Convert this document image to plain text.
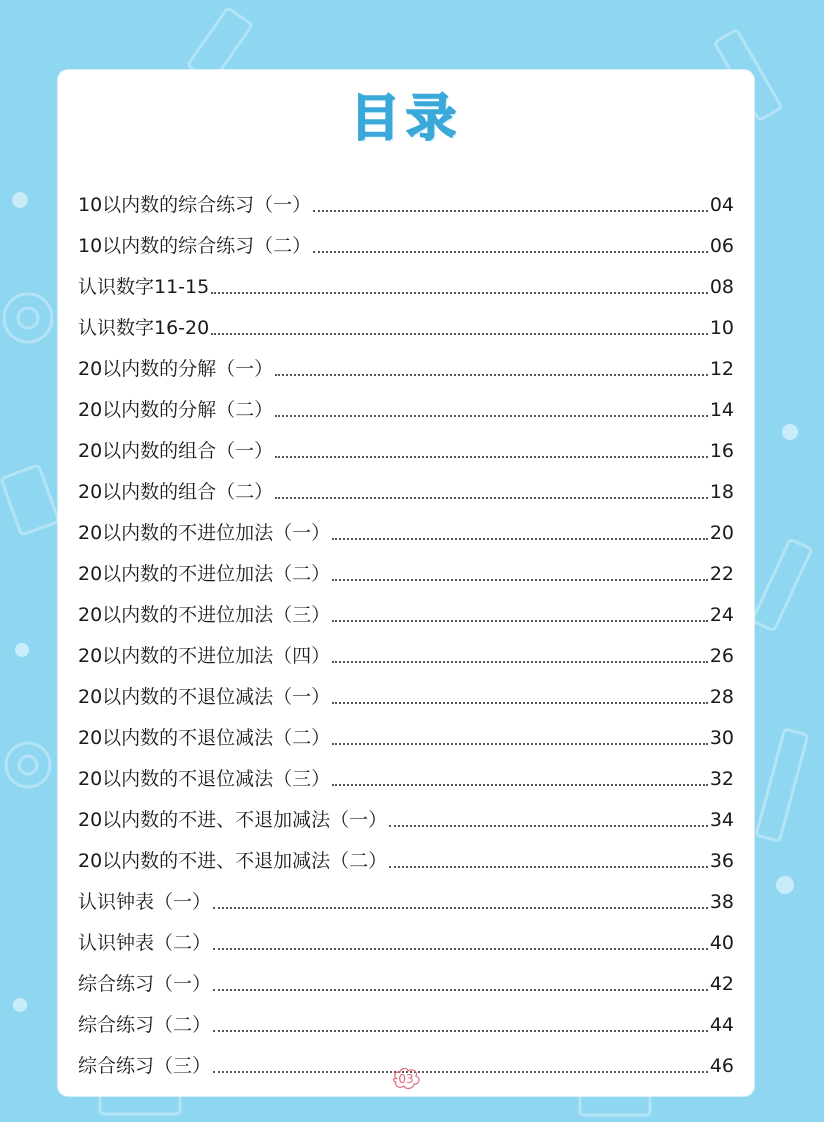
目录
10以内数的综合练习（一）	04
10以内数的综合练习（二）	06
认识数字11-15	08
认识数字16-20	10
20以内数的分解（一）	12
20以内数的分解（二）	14
20以内数的组合（一）	16
20以内数的组合（二）	18
20以内数的不进位加法（一）	20
20以内数的不进位加法（二）	22
20以内数的不进位加法（三）	24
20以内数的不进位加法（四）	26
20以内数的不退位减法（一）	28
20以内数的不退位减法（二）	30
20以内数的不退位减法（三）	32
20以内数的不进、不退加减法（一）	34
20以内数的不进、不退加减法（二）	36
认识钟表（一）	38
认识钟表（二）	40
综合练习（一）	42
综合练习（二）	44
综合练习（三）	46
03
